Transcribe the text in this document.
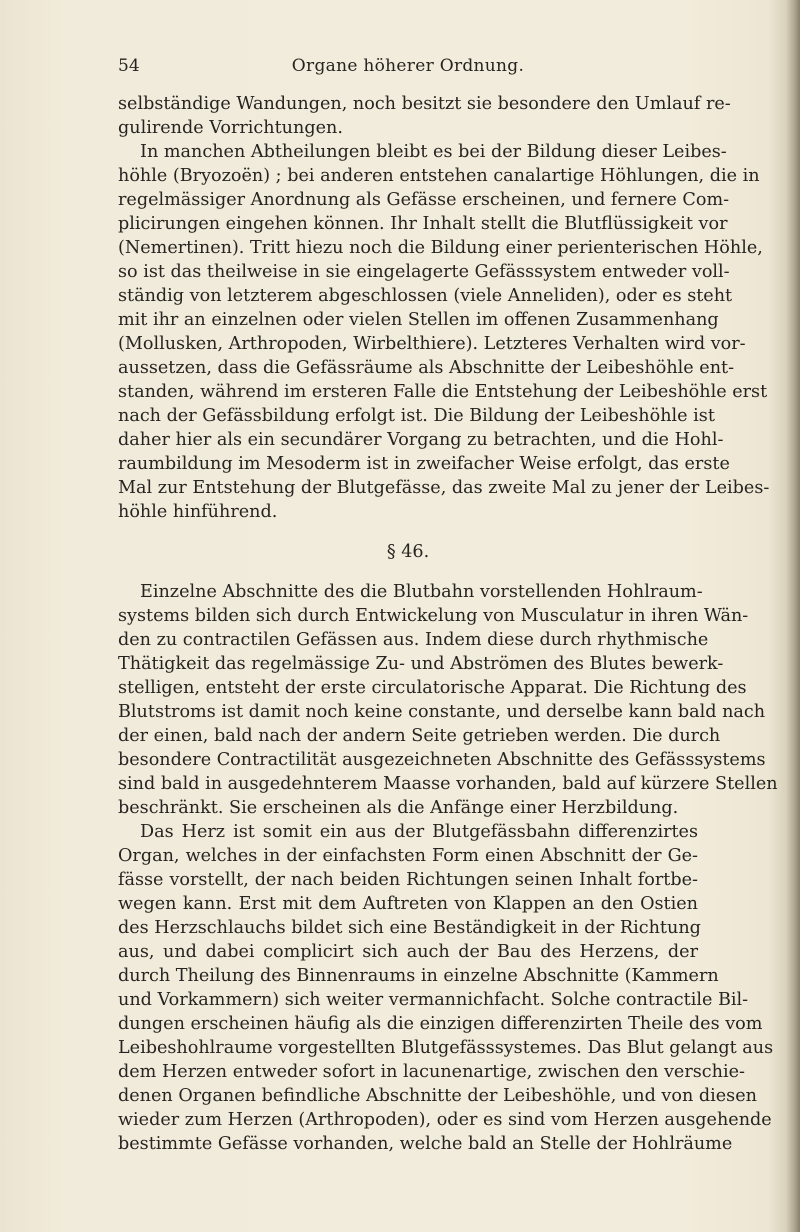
54	Organe höherer Ordnung.
selbständige Wandungen, noch besitzt sie besondere den Umlauf re-
gulirende Vorrichtungen.
In manchen Abtheilungen bleibt es bei der Bildung dieser Leibes-
höhle (Bryozoën) ; bei anderen entstehen canalartige Höhlungen, die in
regelmässiger Anordnung als Gefässe erscheinen, und fernere Com-
plicirungen eingehen können. Ihr Inhalt stellt die Blutflüssigkeit vor
(Nemertinen). Tritt hiezu noch die Bildung einer perienterischen Höhle,
so ist das theilweise in sie eingelagerte Gefässsystem entweder voll-
ständig von letzterem abgeschlossen (viele Anneliden), oder es steht
mit ihr an einzelnen oder vielen Stellen im offenen Zusammenhang
(Mollusken, Arthropoden, Wirbelthiere). Letzteres Verhalten wird vor-
aussetzen, dass die Gefässräume als Abschnitte der Leibeshöhle ent-
standen, während im ersteren Falle die Entstehung der Leibeshöhle erst
nach der Gefässbildung erfolgt ist. Die Bildung der Leibeshöhle ist
daher hier als ein secundärer Vorgang zu betrachten, und die Hohl-
raumbildung im Mesoderm ist in zweifacher Weise erfolgt, das erste
Mal zur Entstehung der Blutgefässe, das zweite Mal zu jener der Leibes-
höhle hinführend.
§ 46.
Einzelne Abschnitte des die Blutbahn vorstellenden Hohlraum-
systems bilden sich durch Entwickelung von Musculatur in ihren Wän-
den zu contractilen Gefässen aus. Indem diese durch rhythmische
Thätigkeit das regelmässige Zu- und Abströmen des Blutes bewerk-
stelligen, entsteht der erste circulatorische Apparat. Die Richtung des
Blutstroms ist damit noch keine constante, und derselbe kann bald nach
der einen, bald nach der andern Seite getrieben werden. Die durch
besondere Contractilität ausgezeichneten Abschnitte des Gefässsystems
sind bald in ausgedehnterem Maasse vorhanden, bald auf kürzere Stellen
beschränkt. Sie erscheinen als die Anfänge einer Herzbildung.
Das Herz ist somit ein aus der Blutgefässbahn differenzirtes
Organ, welches in der einfachsten Form einen Abschnitt der Ge-
fässe vorstellt, der nach beiden Richtungen seinen Inhalt fortbe-
wegen kann. Erst mit dem Auftreten von Klappen an den Ostien
des Herzschlauchs bildet sich eine Beständigkeit in der Richtung
aus, und dabei complicirt sich auch der Bau des Herzens, der
durch Theilung des Binnenraums in einzelne Abschnitte (Kammern
und Vorkammern) sich weiter vermannichfacht. Solche contractile Bil-
dungen erscheinen häufig als die einzigen differenzirten Theile des vom
Leibeshohlraume vorgestellten Blutgefässsystemes. Das Blut gelangt aus
dem Herzen entweder sofort in lacunenartige, zwischen den verschie-
denen Organen befindliche Abschnitte der Leibeshöhle, und von diesen
wieder zum Herzen (Arthropoden), oder es sind vom Herzen ausgehende
bestimmte Gefässe vorhanden, welche bald an Stelle der Hohlräume
